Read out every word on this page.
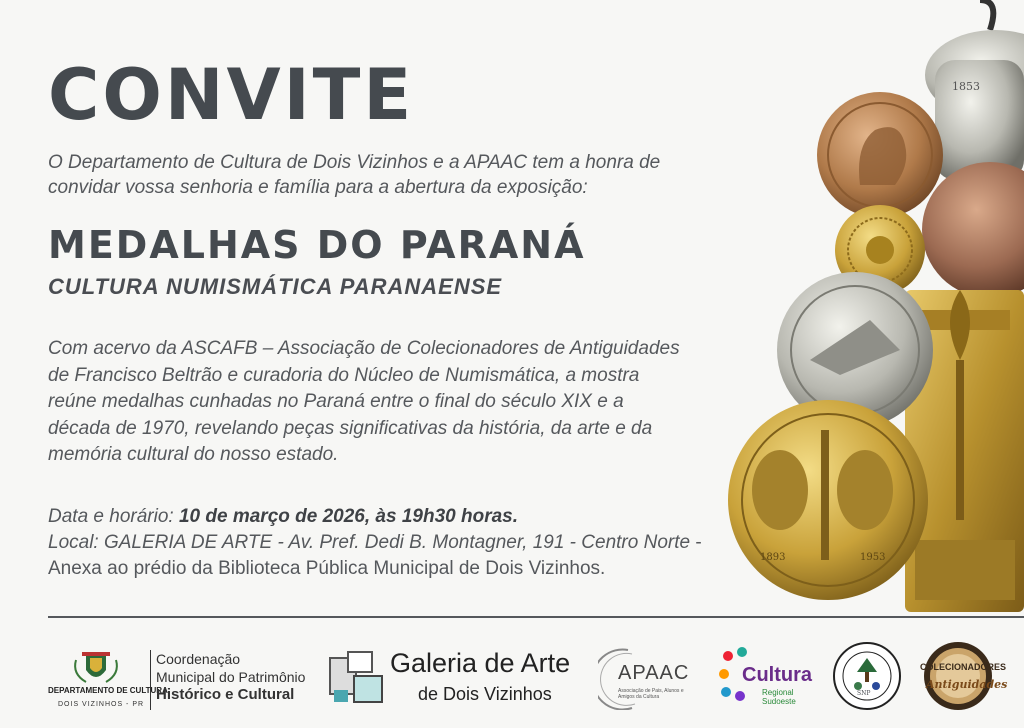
CONVITE
O Departamento de Cultura de Dois Vizinhos e a APAAC tem a honra de convidar vossa senhoria e família para a abertura da exposição:
MEDALHAS DO PARANÁ
CULTURA NUMISMÁTICA PARANAENSE
Com acervo da ASCAFB – Associação de Colecionadores de Antiguidades de Francisco Beltrão e curadoria do Núcleo de Numismática, a mostra reúne medalhas cunhadas no Paraná entre o final do século XIX e a década de 1970, revelando peças significativas da história, da arte e da memória cultural do nosso estado.
Data e horário: 10 de março de 2026, às 19h30 horas.
Local: GALERIA DE ARTE - Av. Pref. Dedi B. Montagner, 191 - Centro Norte - Anexa ao prédio da Biblioteca Pública Municipal de Dois Vizinhos.
1853
1893	1953
DEPARTAMENTO DE CULTURA
DOIS VIZINHOS - PR
Coordenação
Municipal do Patrimônio
Histórico e Cultural
Galeria de Arte
de Dois Vizinhos
APAAC
Associação de Pais, Alunos e Amigos da Cultura
Cultura
Regional Sudoeste
SNP
COLECIONADORES
Antiguidades
